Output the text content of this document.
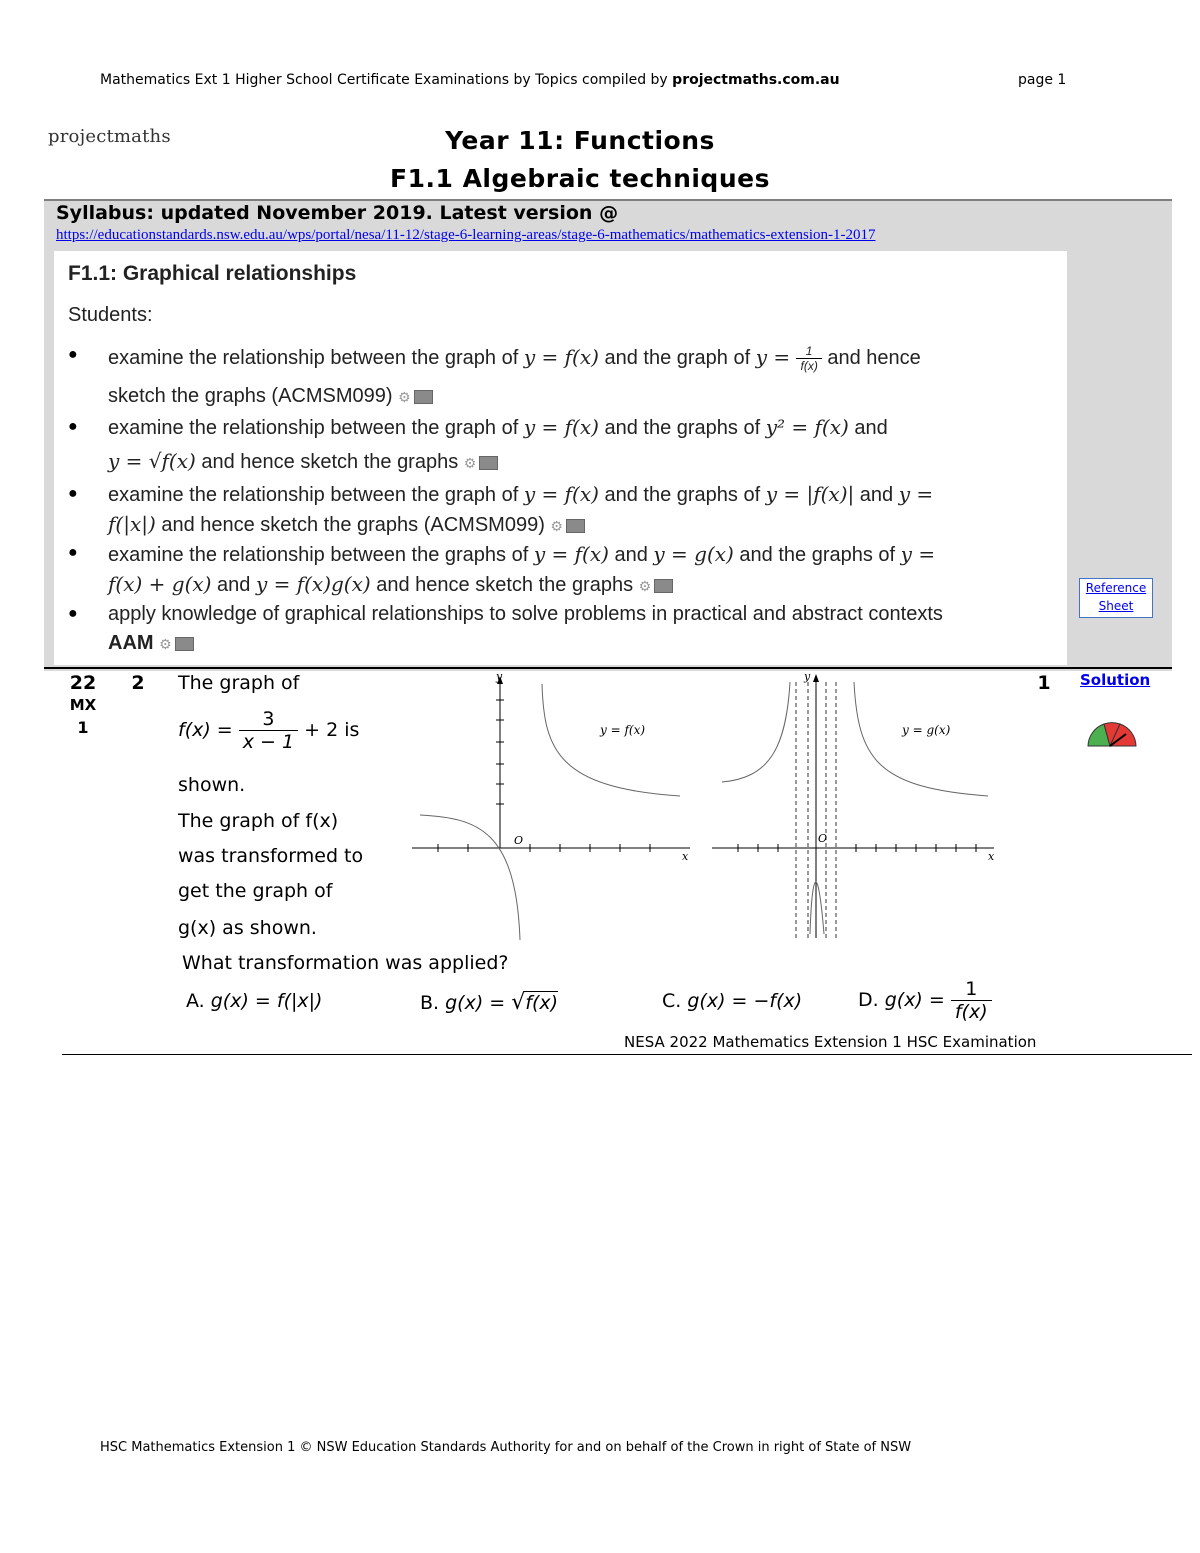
Mathematics Ext 1 Higher School Certificate Examinations by Topics compiled by projectmaths.com.au	page 1
projectmaths	Year 11: Functions
F1.1 Algebraic techniques
Syllabus: updated November 2019. Latest version @
https://educationstandards.nsw.edu.au/wps/portal/nesa/11-12/stage-6-learning-areas/stage-6-mathematics/mathematics-extension-1-2017
F1.1: Graphical relationships
Students:
● examine the relationship between the graph of y = f(x) and the graph of $y = \frac{1}{f(x)}$ and hence
sketch the graphs (ACMSM099) ⚙
● examine the relationship between the graph of y = f(x) and the graphs of y² = f(x) and
y = √f(x) and hence sketch the graphs ⚙
● examine the relationship between the graph of y = f(x) and the graphs of y = |f(x)| and y =
f(|x|) and hence sketch the graphs (ACMSM099) ⚙
● examine the relationship between the graphs of y = f(x) and y = g(x) and the graphs of y =
f(x) + g(x) and y = f(x)g(x) and hence sketch the graphs ⚙
● apply knowledge of graphical relationships to solve problems in practical and abstract contexts
AAM ⚙
Reference
Sheet
22
MX
1
2 The graph of
$f(x) = \frac{3}{x - 1} + 2$ is
shown.
The graph of f(x)
was transformed to
get the graph of
g(x) as shown.
What transformation was applied?
A. g(x) = f(|x|)	B. g(x) = √f(x)	C. g(x) = −f(x)	D. $g(x) = \frac{1}{f(x)}$
y
O
x
y = f(x)
y
O
x
y = g(x)
1	Solution
NESA 2022 Mathematics Extension 1 HSC Examination
HSC Mathematics Extension 1 © NSW Education Standards Authority for and on behalf of the Crown in right of State of NSW
